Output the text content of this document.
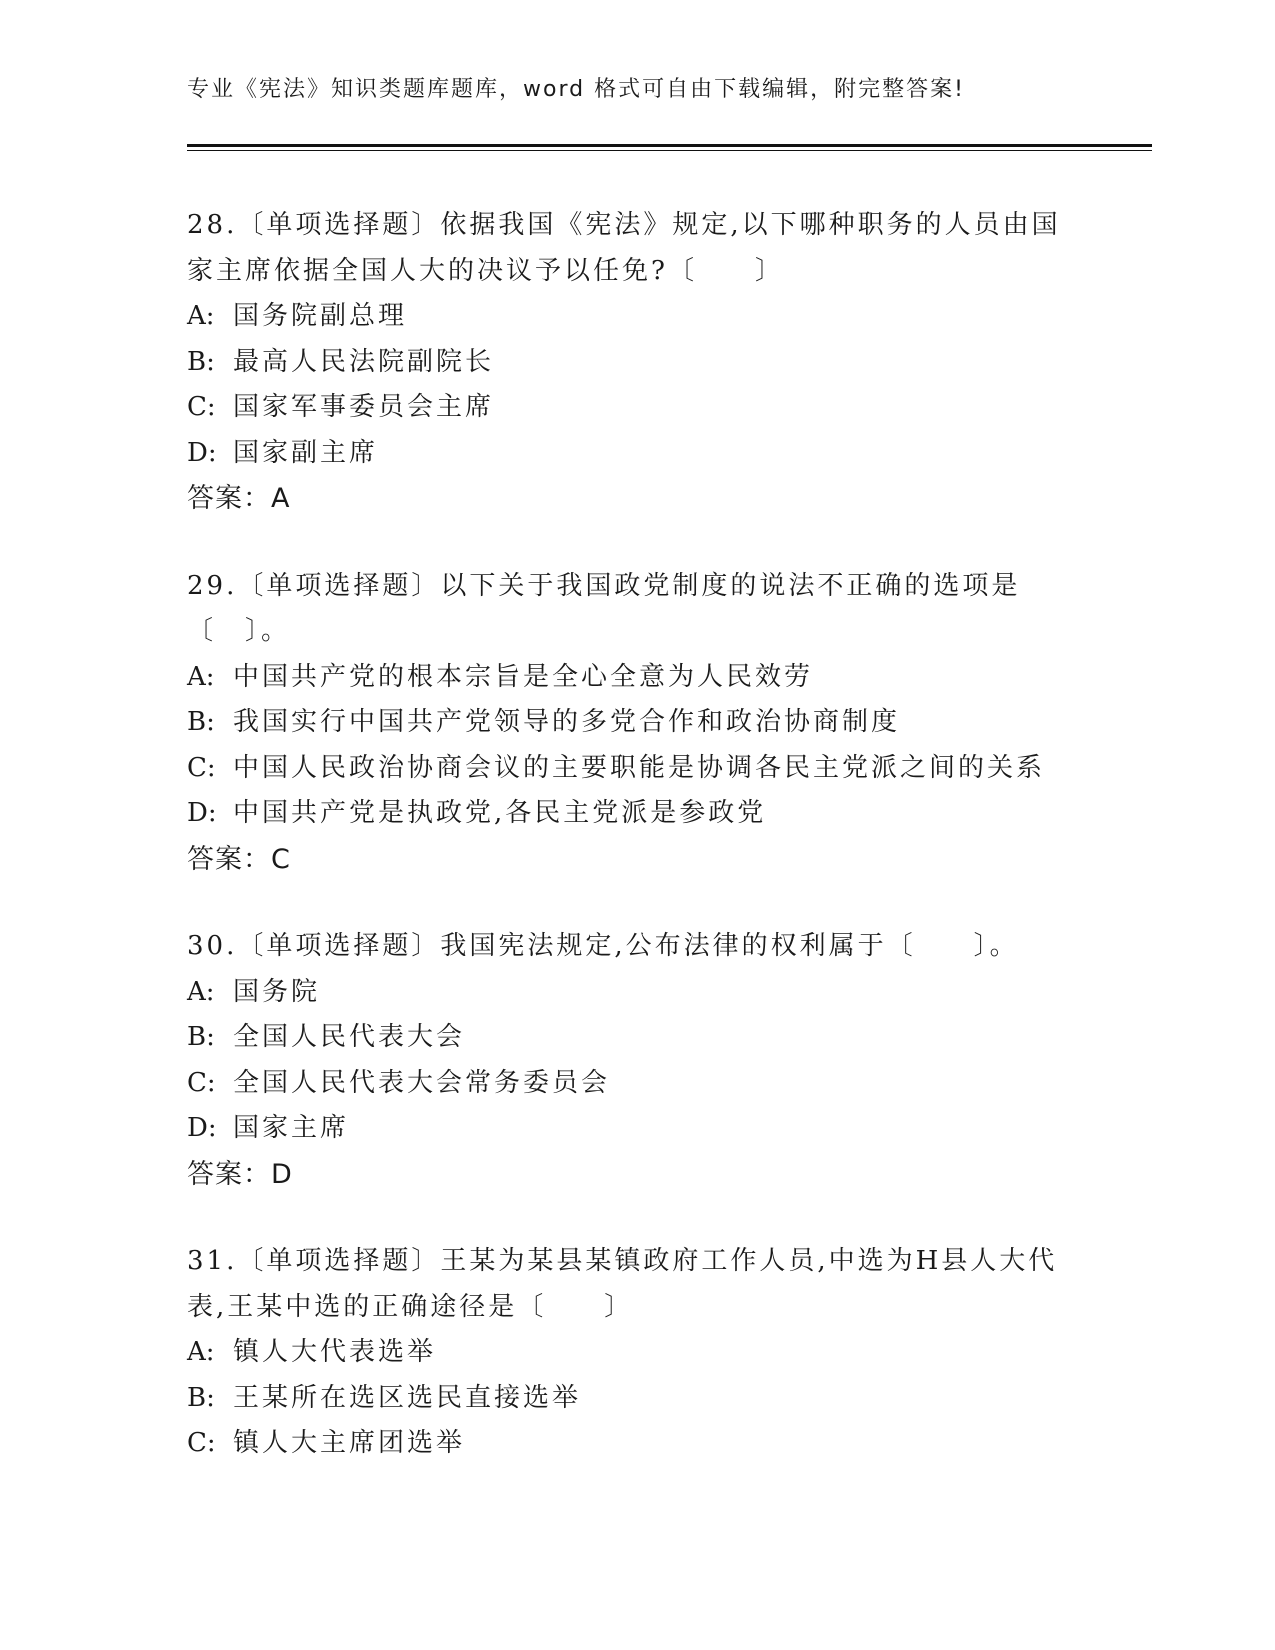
专业《宪法》知识类题库题库，word 格式可自由下载编辑，附完整答案!
28.〔单项选择题〕依据我国《宪法》规定,以下哪种职务的人员由国家主席依据全国人大的决议予以任免?〔　　〕
A: 国务院副总理
B: 最高人民法院副院长
C: 国家军事委员会主席
D: 国家副主席
答案：A
29.〔单项选择题〕以下关于我国政党制度的说法不正确的选项是〔　〕。
A: 中国共产党的根本宗旨是全心全意为人民效劳
B: 我国实行中国共产党领导的多党合作和政治协商制度
C: 中国人民政治协商会议的主要职能是协调各民主党派之间的关系
D: 中国共产党是执政党,各民主党派是参政党
答案：C
30.〔单项选择题〕我国宪法规定,公布法律的权利属于〔　　〕。
A: 国务院
B: 全国人民代表大会
C: 全国人民代表大会常务委员会
D: 国家主席
答案：D
31.〔单项选择题〕王某为某县某镇政府工作人员,中选为H县人大代表,王某中选的正确途径是〔　　〕
A: 镇人大代表选举
B: 王某所在选区选民直接选举
C: 镇人大主席团选举
